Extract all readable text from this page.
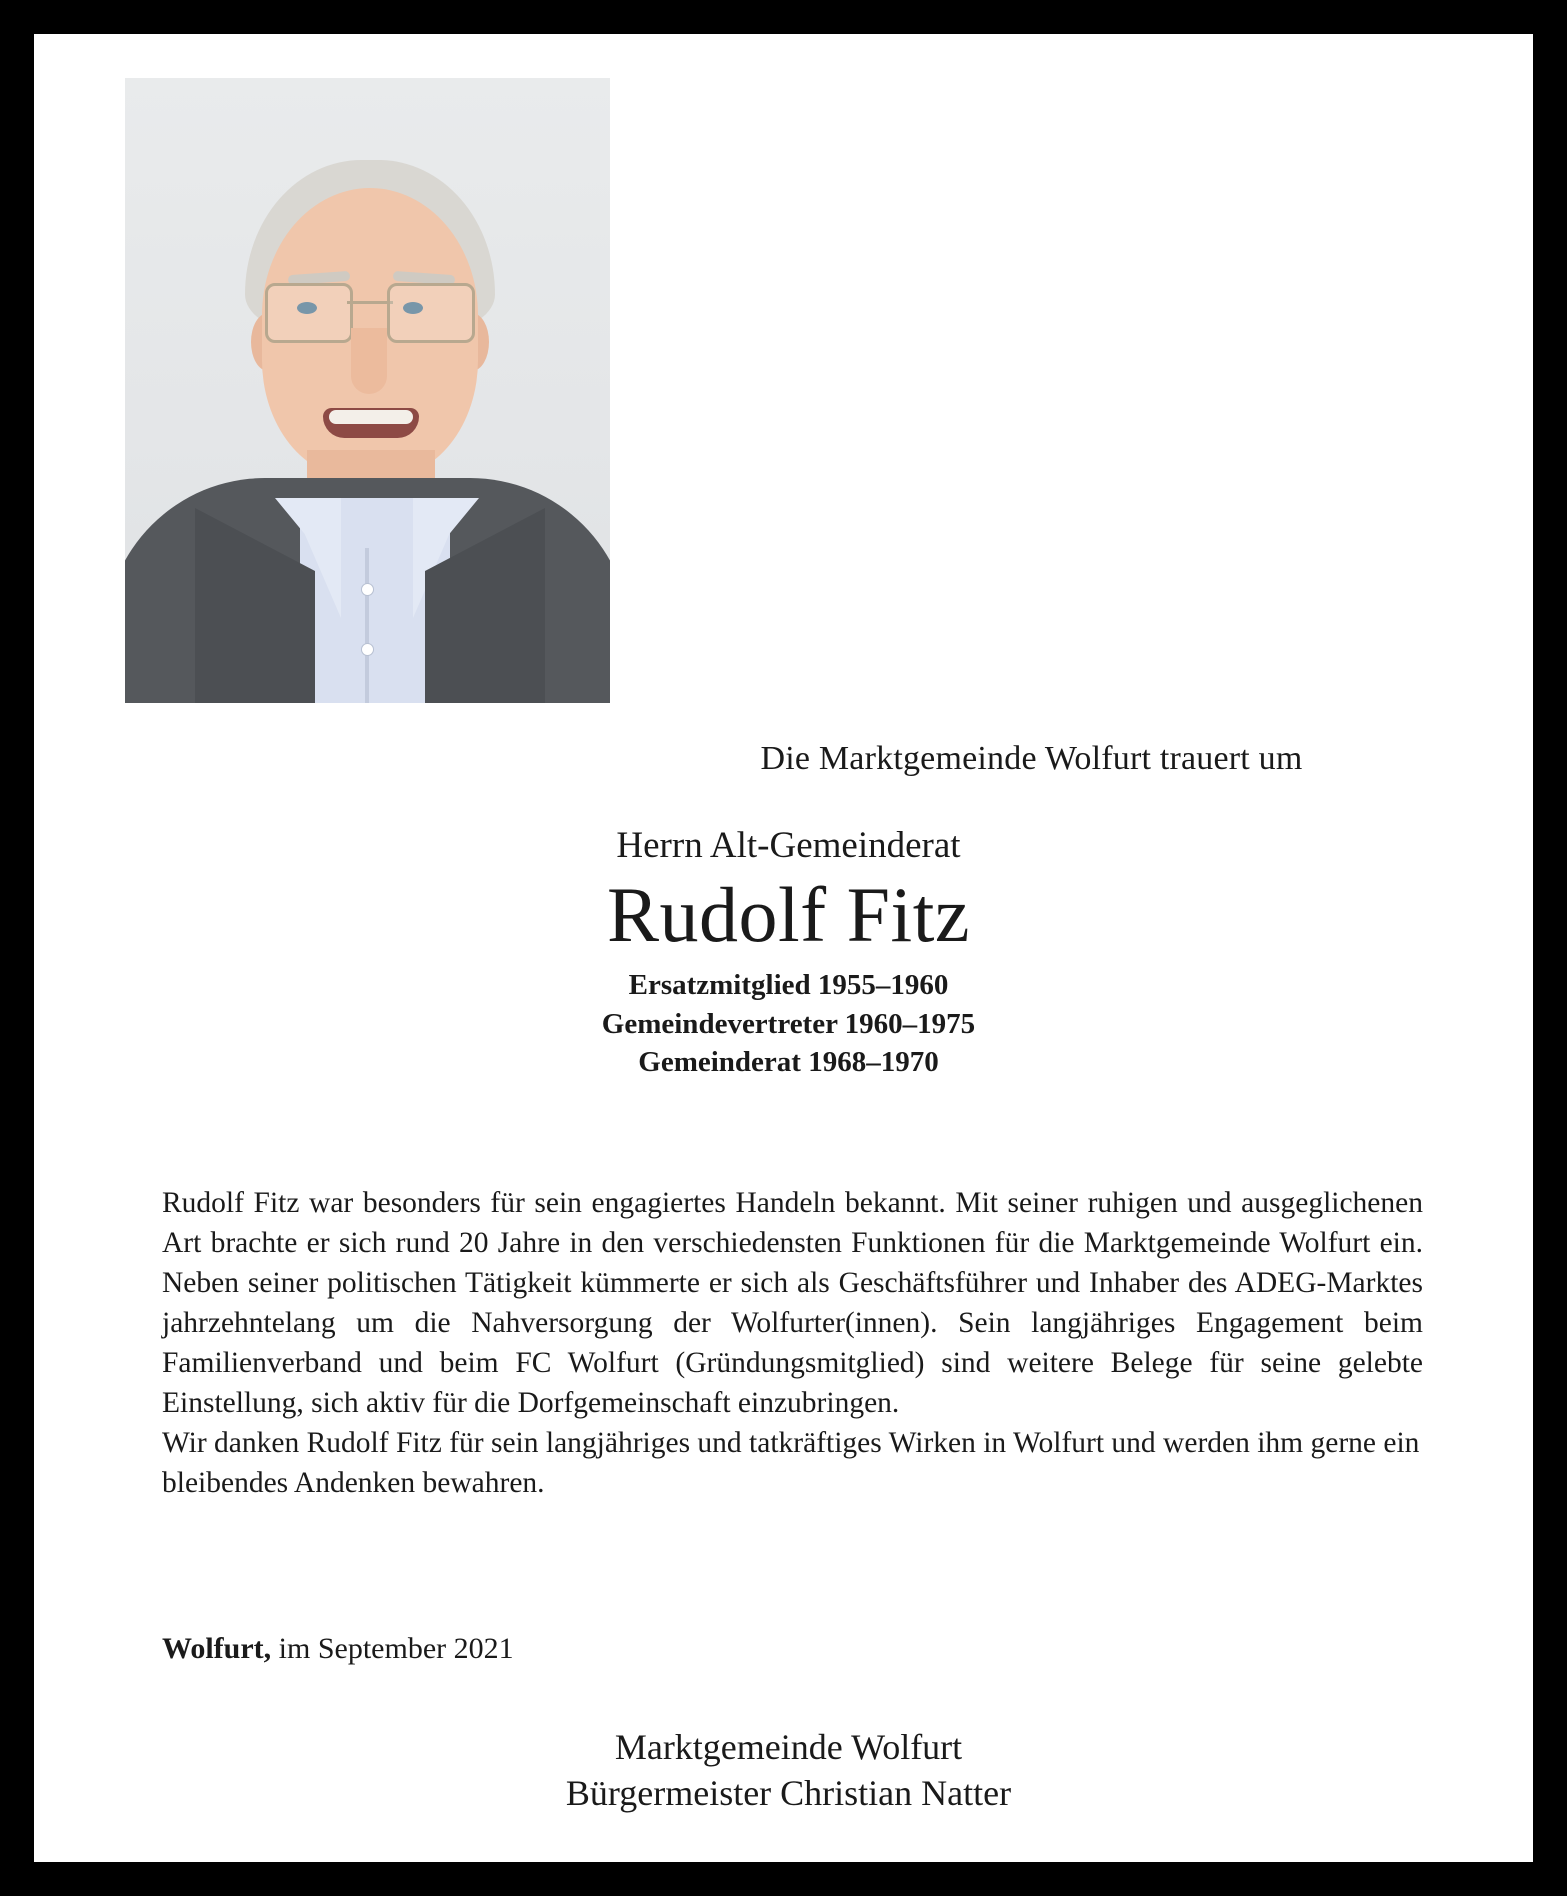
Die Marktgemeinde Wolfurt trauert um
Herrn Alt-Gemeinderat
Rudolf Fitz
Ersatzmitglied 1955–1960
Gemeindevertreter 1960–1975
Gemeinderat 1968–1970

Rudolf Fitz war besonders für sein engagiertes Handeln bekannt. Mit seiner ruhigen und ausgeglichenen Art brachte er sich rund 20 Jahre in den verschiedensten Funktionen für die Marktgemeinde Wolfurt ein. Neben seiner politischen Tätigkeit kümmerte er sich als Geschäftsführer und Inhaber des ADEG-Marktes jahrzehntelang um die Nahversorgung der Wolfurter(innen). Sein langjähriges Engagement beim Familienverband und beim FC Wolfurt (Gründungsmitglied) sind weitere Belege für seine gelebte Einstellung, sich aktiv für die Dorfgemeinschaft einzubringen.

Wir danken Rudolf Fitz für sein langjähriges und tatkräftiges Wirken in Wolfurt und werden ihm gerne ein bleibendes Andenken bewahren.

Wolfurt, im September 2021
Marktgemeinde Wolfurt
Bürgermeister Christian Natter
